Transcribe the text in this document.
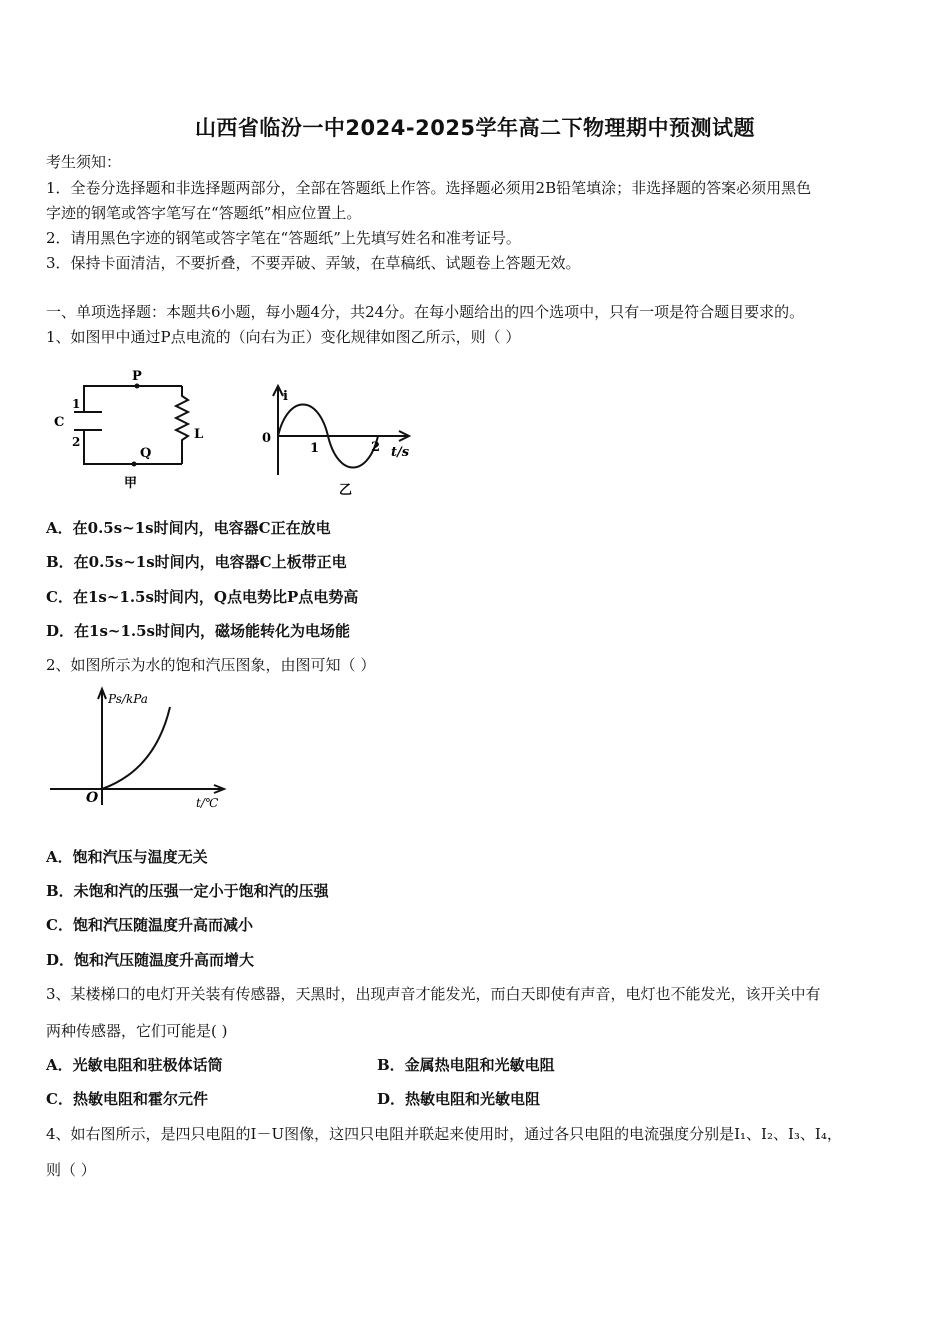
山西省临汾一中2024-2025学年高二下物理期中预测试题
考生须知：
1．全卷分选择题和非选择题两部分，全部在答题纸上作答。选择题必须用2B铅笔填涂；非选择题的答案必须用黑色
字迹的钢笔或答字笔写在“答题纸”相应位置上。
2．请用黑色字迹的钢笔或答字笔在“答题纸”上先填写姓名和准考证号。
3．保持卡面清洁，不要折叠，不要弄破、弄皱，在草稿纸、试题卷上答题无效。
一、单项选择题：本题共6小题，每小题4分，共24分。在每小题给出的四个选项中，只有一项是符合题目要求的。
1、如图甲中通过P点电流的（向右为正）变化规律如图乙所示，则（ ）
P
Q
C
L
1
2
甲
i
0
1	2 t/s
乙
A．在0.5s~1s时间内，电容器C正在放电
B．在0.5s~1s时间内，电容器C上板带正电
C．在1s~1.5s时间内，Q点电势比P点电势高
D．在1s~1.5s时间内，磁场能转化为电场能
2、如图所示为水的饱和汽压图象，由图可知（ ）
Ps/kPa
O	t/℃
A．饱和汽压与温度无关
B．未饱和汽的压强一定小于饱和汽的压强
C．饱和汽压随温度升高而减小
D．饱和汽压随温度升高而增大
3、某楼梯口的电灯开关装有传感器，天黑时，出现声音才能发光，而白天即使有声音，电灯也不能发光，该开关中有
两种传感器，它们可能是( )
A．光敏电阻和驻极体话筒	B．金属热电阻和光敏电阻
C．热敏电阻和霍尔元件	D．热敏电阻和光敏电阻
4、如右图所示，是四只电阻的I－U图像，这四只电阻并联起来使用时，通过各只电阻的电流强度分别是I₁、I₂、I₃、I₄，
则（ ）
